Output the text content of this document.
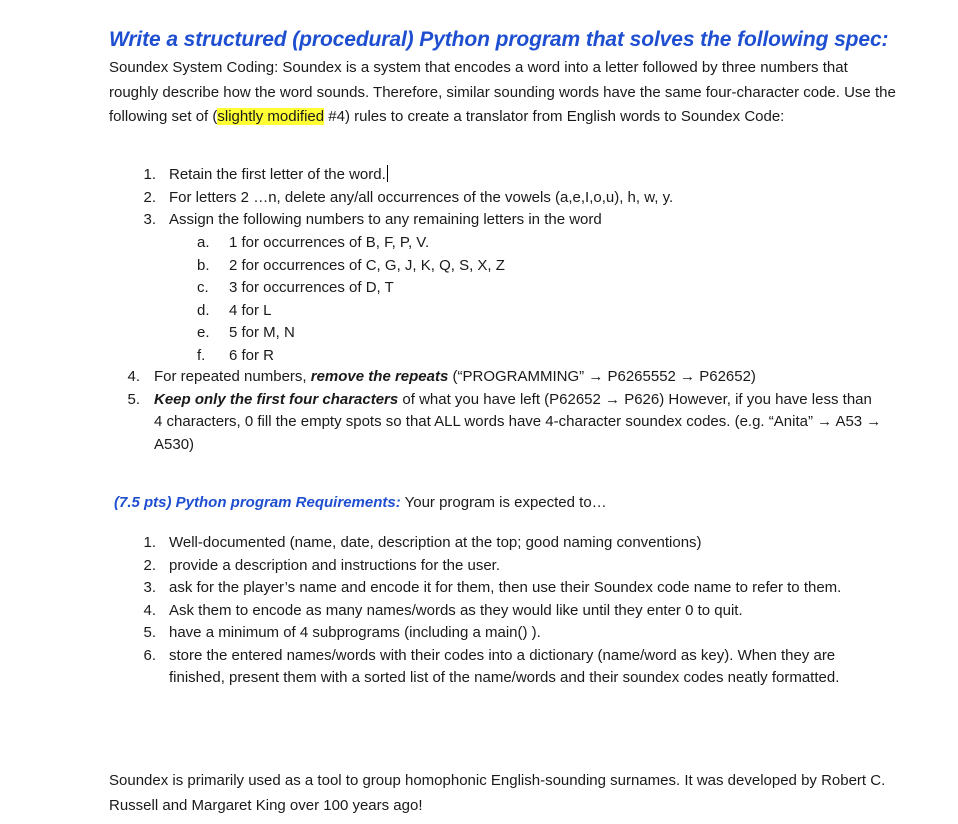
Write a structured (procedural) Python program that solves the following spec:
Soundex System Coding: Soundex is a system that encodes a word into a letter followed by three numbers that roughly describe how the word sounds. Therefore, similar sounding words have the same four-character code. Use the following set of (slightly modified #4) rules to create a translator from English words to Soundex Code:
1. Retain the first letter of the word.
2. For letters 2 …n, delete any/all occurrences of the vowels (a,e,I,o,u), h, w, y.
3. Assign the following numbers to any remaining letters in the word
a.	1 for occurrences of B, F, P, V.
b.	2 for occurrences of C, G, J, K, Q, S, X, Z
c.	3 for occurrences of D, T
d.	4 for L
e.	5 for M, N
f.	6 for R
4. For repeated numbers, remove the repeats (“PROGRAMMING” → P6265552 → P62652)
5. Keep only the first four characters of what you have left (P62652 → P626) However, if you have less than 4 characters, 0 fill the empty spots so that ALL words have 4-character soundex codes. (e.g. “Anita” → A53 → A530)
(7.5 pts) Python program Requirements: Your program is expected to…
1. Well-documented (name, date, description at the top; good naming conventions)
2. provide a description and instructions for the user.
3. ask for the player’s name and encode it for them, then use their Soundex code name to refer to them.
4. Ask them to encode as many names/words as they would like until they enter 0 to quit.
5. have a minimum of 4 subprograms (including a main() ).
6. store the entered names/words with their codes into a dictionary (name/word as key). When they are finished, present them with a sorted list of the name/words and their soundex codes neatly formatted.
Soundex is primarily used as a tool to group homophonic English-sounding surnames. It was developed by Robert C. Russell and Margaret King over 100 years ago!
